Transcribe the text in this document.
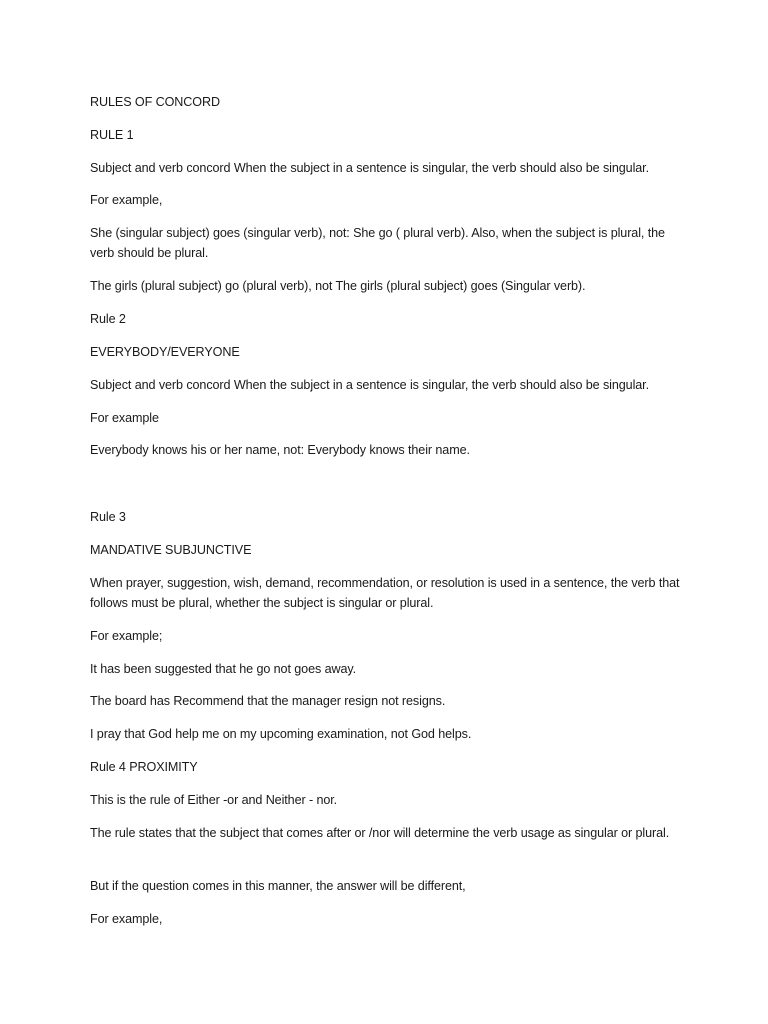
RULES OF CONCORD

RULE 1

Subject and verb concord When the subject in a sentence is singular, the verb should also be singular.

For example,

She (singular subject) goes (singular verb), not: She go ( plural verb). Also, when the subject is plural, the verb should be plural.

The girls (plural subject) go (plural verb), not The girls (plural subject) goes (Singular verb).

Rule 2

EVERYBODY/EVERYONE

Subject and verb concord When the subject in a sentence is singular, the verb should also be singular.

For example

Everybody knows his or her name, not: Everybody knows their name.

Rule 3

MANDATIVE SUBJUNCTIVE

When prayer, suggestion, wish, demand, recommendation, or resolution is used in a sentence, the verb that follows must be plural, whether the subject is singular or plural.

For example;

It has been suggested that he go not goes away.

The board has Recommend that the manager resign not resigns.

I pray that God help me on my upcoming examination, not God helps.

Rule 4 PROXIMITY

This is the rule of Either -or and Neither - nor.

The rule states that the subject that comes after or /nor will determine the verb usage as singular or plural.

But if the question comes in this manner, the answer will be different,

For example,
